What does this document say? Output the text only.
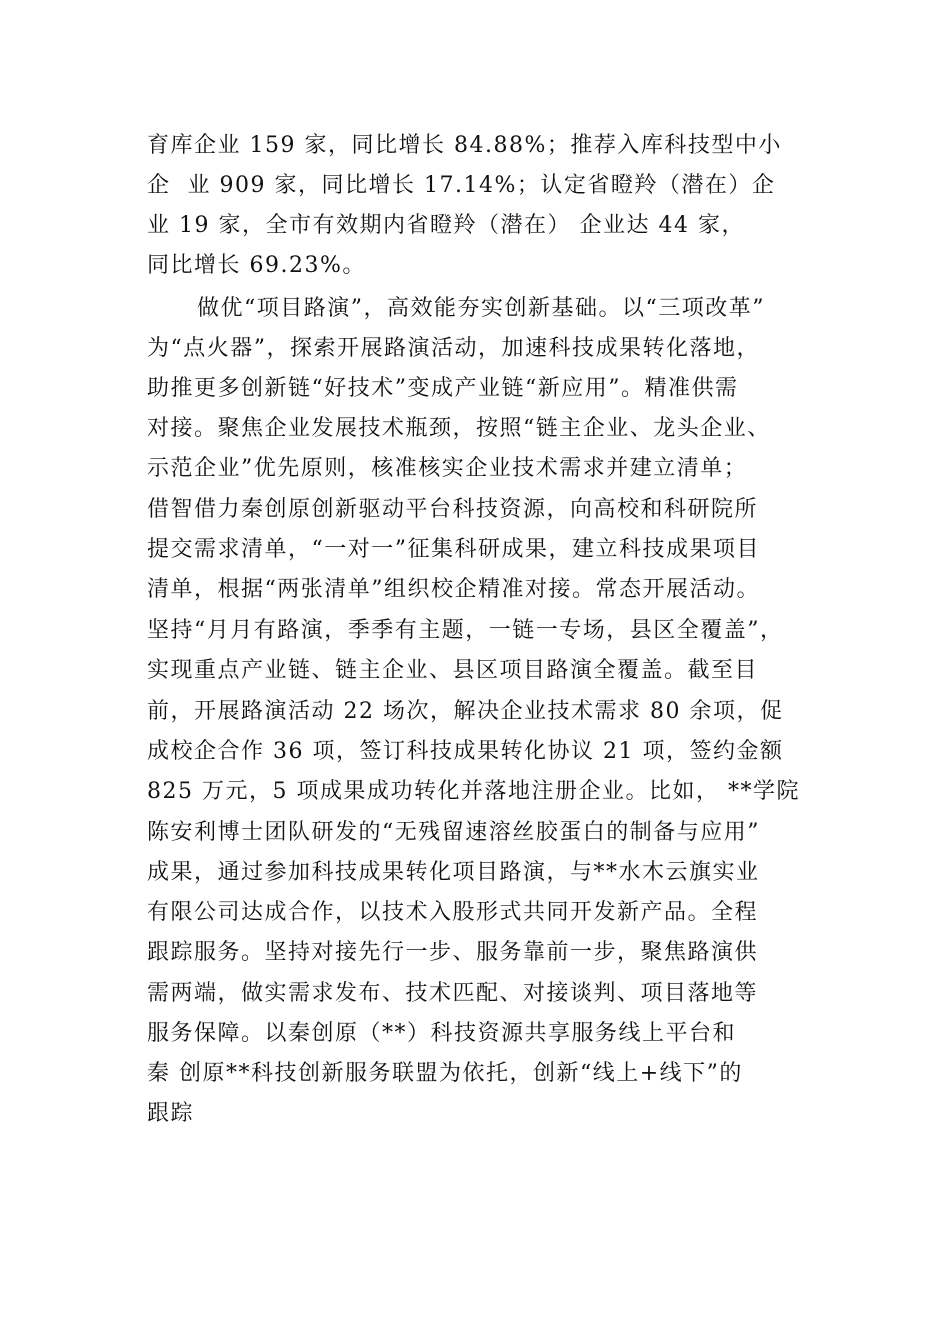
育库企业 159 家，同比增长 84.88%；推荐入库科技型中小
企  业 909 家，同比增长 17.14%；认定省瞪羚（潜在）企
业 19 家，全市有效期内省瞪羚（潜在） 企业达 44 家，
同比增长 69.23%。
做优“项目路演”，高效能夯实创新基础。以“三项改革”
为“点火器”，探索开展路演活动，加速科技成果转化落地，
助推更多创新链“好技术”变成产业链“新应用”。精准供需
对接。聚焦企业发展技术瓶颈，按照“链主企业、龙头企业、
示范企业”优先原则，核准核实企业技术需求并建立清单；
借智借力秦创原创新驱动平台科技资源，向高校和科研院所
提交需求清单，“一对一”征集科研成果，建立科技成果项目
清单，根据“两张清单”组织校企精准对接。常态开展活动。
坚持“月月有路演，季季有主题，一链一专场，县区全覆盖”，
实现重点产业链、链主企业、县区项目路演全覆盖。截至目
前，开展路演活动 22 场次，解决企业技术需求 80 余项，促
成校企合作 36 项，签订科技成果转化协议 21 项，签约金额
825 万元，5 项成果成功转化并落地注册企业。比如， **学院
陈安利博士团队研发的“无残留速溶丝胶蛋白的制备与应用”
成果，通过参加科技成果转化项目路演，与**水木云旗实业
有限公司达成合作，以技术入股形式共同开发新产品。全程
跟踪服务。坚持对接先行一步、服务靠前一步，聚焦路演供
需两端，做实需求发布、技术匹配、对接谈判、项目落地等
服务保障。以秦创原（**）科技资源共享服务线上平台和
秦 创原**科技创新服务联盟为依托，创新“线上+线下”的
跟踪
